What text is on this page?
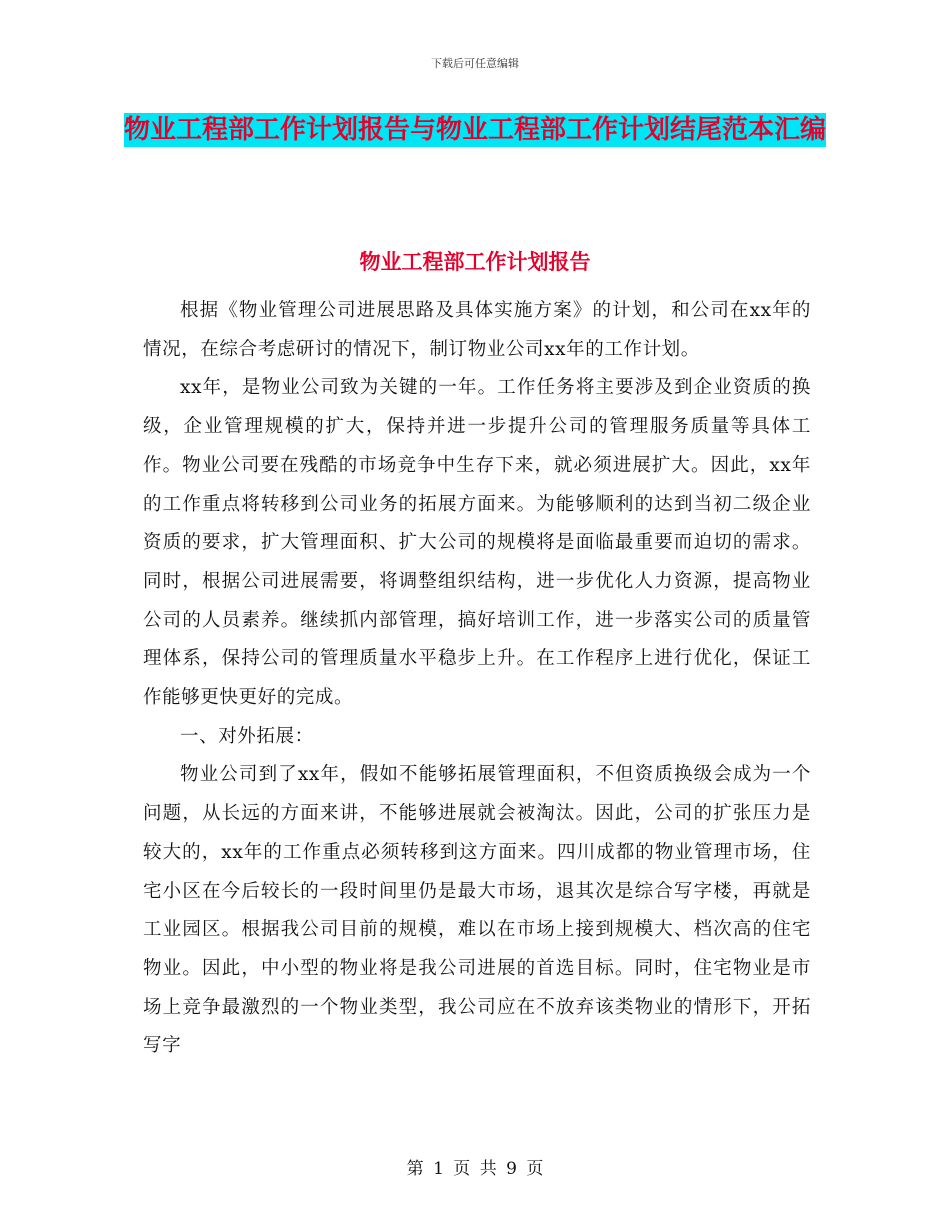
下载后可任意编辑
物业工程部工作计划报告与物业工程部工作计划结尾范本汇编
物业工程部工作计划报告

根据《物业管理公司进展思路及具体实施方案》的计划，和公司在xx年的情况，在综合考虑研讨的情况下，制订物业公司xx年的工作计划。

xx年，是物业公司致为关键的一年。工作任务将主要涉及到企业资质的换级，企业管理规模的扩大，保持并进一步提升公司的管理服务质量等具体工作。物业公司要在残酷的市场竞争中生存下来，就必须进展扩大。因此，xx年的工作重点将转移到公司业务的拓展方面来。为能够顺利的达到当初二级企业资质的要求，扩大管理面积、扩大公司的规模将是面临最重要而迫切的需求。同时，根据公司进展需要，将调整组织结构，进一步优化人力资源，提高物业公司的人员素养。继续抓内部管理，搞好培训工作，进一步落实公司的质量管理体系，保持公司的管理质量水平稳步上升。在工作程序上进行优化，保证工作能够更快更好的完成。

一、对外拓展：

物业公司到了xx年，假如不能够拓展管理面积，不但资质换级会成为一个问题，从长远的方面来讲，不能够进展就会被淘汰。因此，公司的扩张压力是较大的，xx年的工作重点必须转移到这方面来。四川成都的物业管理市场，住宅小区在今后较长的一段时间里仍是最大市场，退其次是综合写字楼，再就是工业园区。根据我公司目前的规模，难以在市场上接到规模大、档次高的住宅物业。因此，中小型的物业将是我公司进展的首选目标。同时，住宅物业是市场上竞争最激烈的一个物业类型，我公司应在不放弃该类物业的情形下，开拓写字

第 1 页 共 9 页
